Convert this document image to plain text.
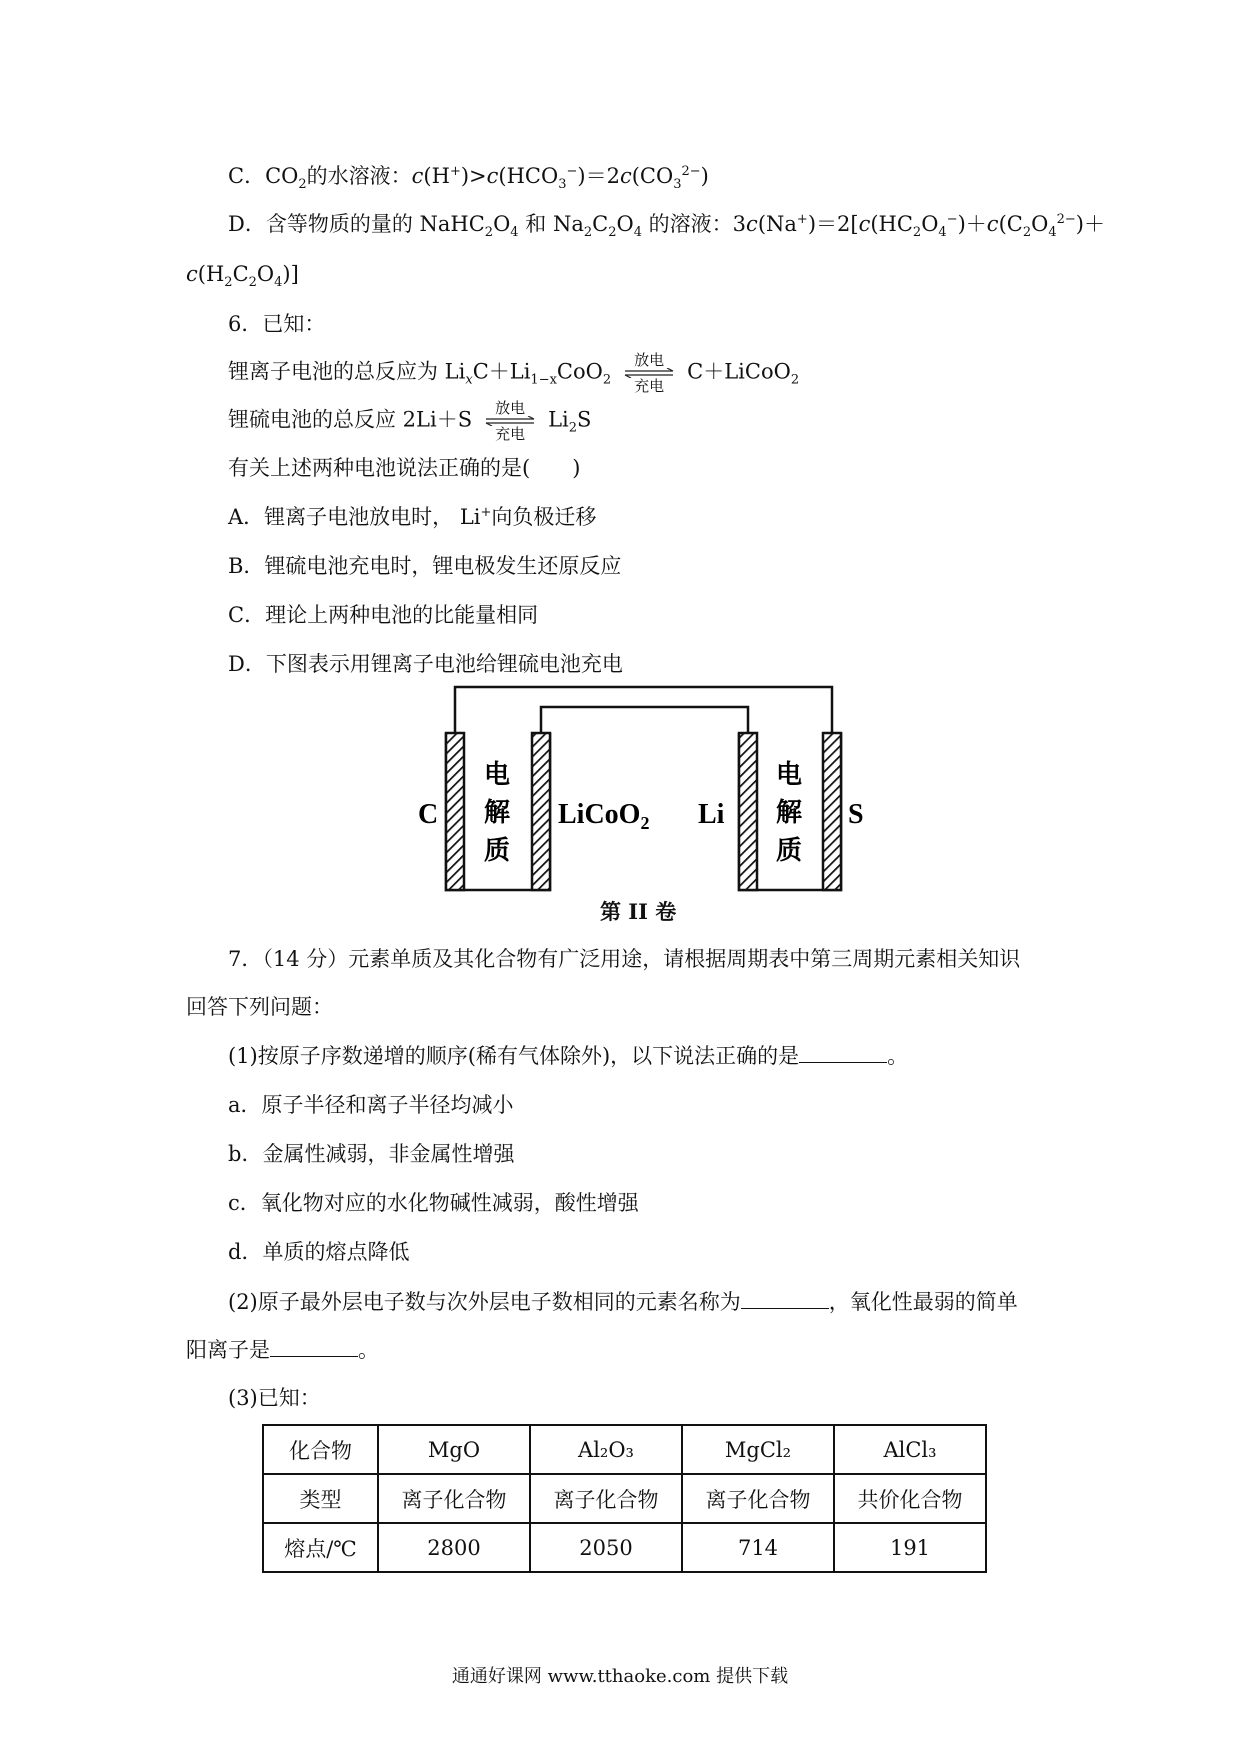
C．$CO_2$的水溶液：$c(H^+)>c(HCO_3^-)=2c(CO_3^{2-})$
D．含等物质的量的 $NaHC_2O_4$ 和 $Na_2C_2O_4$ 的溶液：$3c(Na^+)=2[c(HC_2O_4^-)+c(C_2O_4^{2-})+$
$c(H_2C_2O_4)$]
6．已知：
锂离子电池的总反应为 $Li_xC+Li_{1-x}CoO_2$
放电
充电
C＋LiCoO$_2$
锂硫电池的总反应 2Li＋S	放电
充电
$Li_2S$
有关上述两种电池说法正确的是(　　)
A．锂离子电池放电时， Li+向负极迁移
B．锂硫电池充电时，锂电极发生还原反应
C．理论上两种电池的比能量相同
D．下图表示用锂离子电池给锂硫电池充电
C
电
解
质
LiCoO$_2$ Li
电
解
质
S
第 II 卷
7．（14 分）元素单质及其化合物有广泛用途，请根据周期表中第三周期元素相关知识
回答下列问题：
(1)按原子序数递增的顺序(稀有气体除外)，以下说法正确的是	。
a．原子半径和离子半径均减小
b．金属性减弱，非金属性增强
c．氧化物对应的水化物碱性减弱，酸性增强
d．单质的熔点降低
(2)原子最外层电子数与次外层电子数相同的元素名称为	，氧化性最弱的简单
阳离子是	。
(3)已知：
化合物	MgO	Al₂O₃	MgCl₂	AlCl₃
类型	离子化合物	离子化合物	离子化合物	共价化合物
熔点/℃	2800	2050	714	191
通通好课网 www.tthaoke.com 提供下载
